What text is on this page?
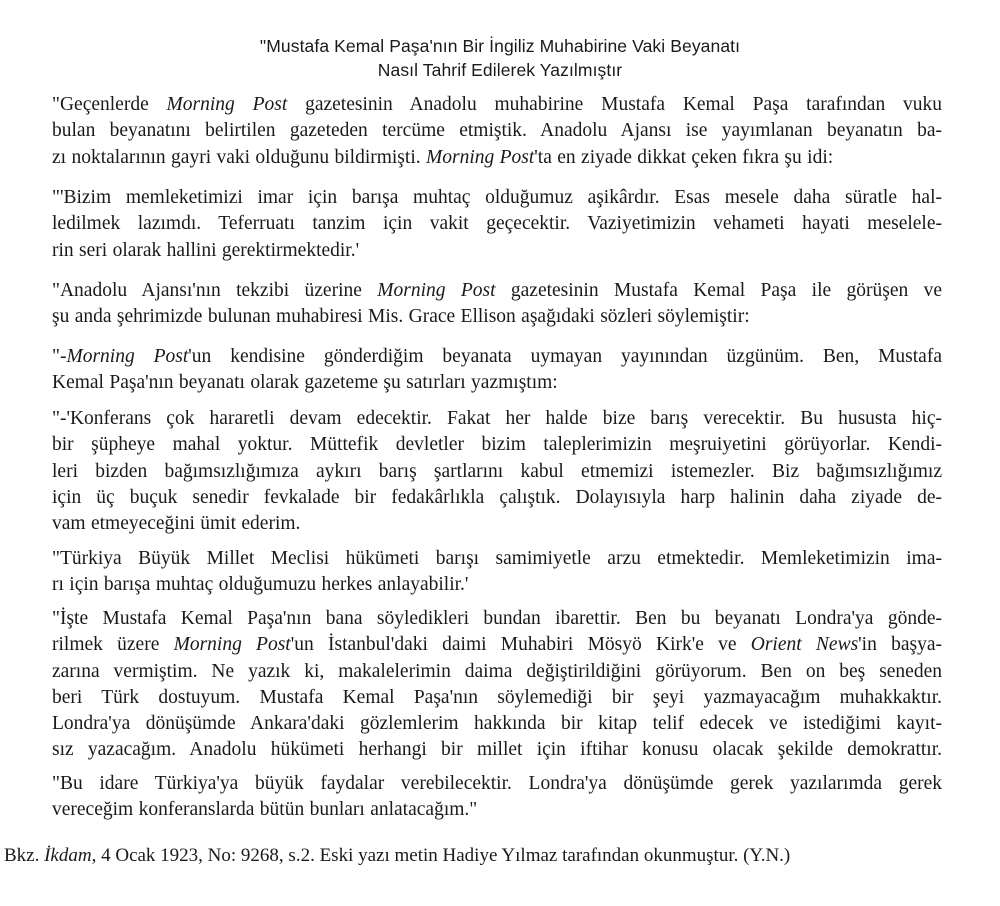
"Mustafa Kemal Paşa'nın Bir İngiliz Muhabirine Vaki Beyanatı
Nasıl Tahrif Edilerek Yazılmıştır
"Geçenlerde Morning Post gazetesinin Anadolu muhabirine Mustafa Kemal Paşa tarafından vuku
bulan beyanatını belirtilen gazeteden tercüme etmiştik. Anadolu Ajansı ise yayımlanan beyanatın ba-
zı noktalarının gayri vaki olduğunu bildirmişti. Morning Post'ta en ziyade dikkat çeken fıkra şu idi:
"'Bizim memleketimizi imar için barışa muhtaç olduğumuz aşikârdır. Esas mesele daha süratle hal-
ledilmek lazımdı. Teferruatı tanzim için vakit geçecektir. Vaziyetimizin vehameti hayati meselele-
rin seri olarak hallini gerektirmektedir.'
"Anadolu Ajansı'nın tekzibi üzerine Morning Post gazetesinin Mustafa Kemal Paşa ile görüşen ve
şu anda şehrimizde bulunan muhabiresi Mis. Grace Ellison aşağıdaki sözleri söylemiştir:
"-Morning Post'un kendisine gönderdiğim beyanata uymayan yayınından üzgünüm. Ben, Mustafa
Kemal Paşa'nın beyanatı olarak gazeteme şu satırları yazmıştım:
"-'Konferans çok hararetli devam edecektir. Fakat her halde bize barış verecektir. Bu hususta hiç-
bir şüpheye mahal yoktur. Müttefik devletler bizim taleplerimizin meşruiyetini görüyorlar. Kendi-
leri bizden bağımsızlığımıza aykırı barış şartlarını kabul etmemizi istemezler. Biz bağımsızlığımız
için üç buçuk senedir fevkalade bir fedakârlıkla çalıştık. Dolayısıyla harp halinin daha ziyade de-
vam etmeyeceğini ümit ederim.
"Türkiya Büyük Millet Meclisi hükümeti barışı samimiyetle arzu etmektedir. Memleketimizin ima-
rı için barışa muhtaç olduğumuzu herkes anlayabilir.'
"İşte Mustafa Kemal Paşa'nın bana söyledikleri bundan ibarettir. Ben bu beyanatı Londra'ya gönde-
rilmek üzere Morning Post'un İstanbul'daki daimi Muhabiri Mösyö Kirk'e ve Orient News'in başya-
zarına vermiştim. Ne yazık ki, makalelerimin daima değiştirildiğini görüyorum. Ben on beş seneden
beri Türk dostuyum. Mustafa Kemal Paşa'nın söylemediği bir şeyi yazmayacağım muhakkaktır.
Londra'ya dönüşümde Ankara'daki gözlemlerim hakkında bir kitap telif edecek ve istediğimi kayıt-
sız yazacağım. Anadolu hükümeti herhangi bir millet için iftihar konusu olacak şekilde demokrattır.
"Bu idare Türkiya'ya büyük faydalar verebilecektir. Londra'ya dönüşümde gerek yazılarımda gerek
vereceğim konferanslarda bütün bunları anlatacağım."
Bkz. İkdam, 4 Ocak 1923, No: 9268, s.2. Eski yazı metin Hadiye Yılmaz tarafından okunmuştur. (Y.N.)
